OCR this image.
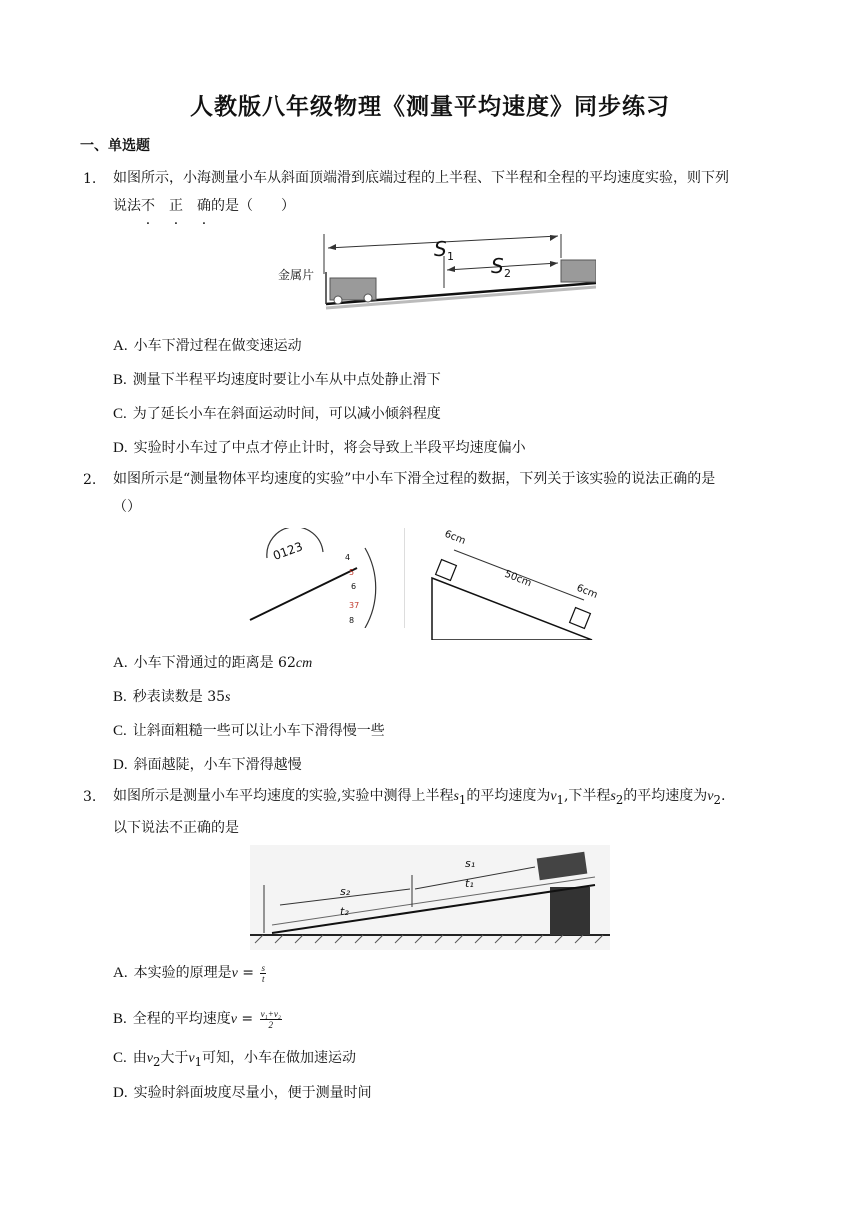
人教版八年级物理《测量平均速度》同步练习
一、单选题
1. 如图所示，小海测量小车从斜面顶端滑到底端过程的上半程、下半程和全程的平均速度实验，则下列
说法不  正  确的是（　　）
金属片
S 1 S 2
A. 小车下滑过程在做变速运动
B. 测量下半程平均速度时要让小车从中点处静止滑下
C. 为了延长小车在斜面运动时间，可以减小倾斜程度
D. 实验时小车过了中点才停止计时，将会导致上半段平均速度偏小
2. 如图所示是“测量物体平均速度的实验”中小车下滑全过程的数据，下列关于该实验的说法正确的是
（）
0123	4
5
6
37
8
6cm
50cm
6cm
A. 小车下滑通过的距离是 62cm
B. 秒表读数是 35s
C. 让斜面粗糙一些可以让小车下滑得慢一些
D. 斜面越陡，小车下滑得越慢
3. 如图所示是测量小车平均速度的实验,实验中测得上半程$s_1$的平均速度为$v_1$,下半程$s_2$的平均速度为$v_2$.
以下说法不正确的是
s₁
t₁
s₂
t₂
A. 本实验的原理是$v = \frac{s}{t}$
B. 全程的平均速度$v = \frac{\text{v₁+v₂}}{2}$
C. 由$v_2$大于$v_1$可知，小车在做加速运动
D. 实验时斜面坡度尽量小，便于测量时间
